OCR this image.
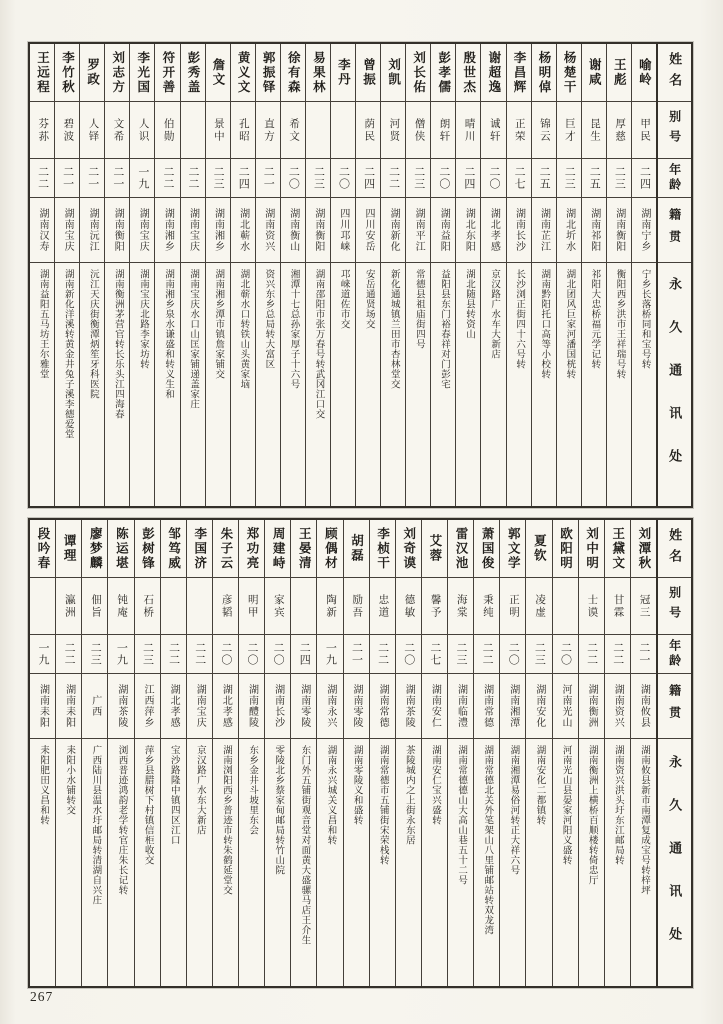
姓名
别号
年龄
籍贯
永久通讯处
喻岭
甲民
二四
湖南宁乡
宁乡长落桥同和宝号转
王彪
厚慈
二三
湖南衡阳
衡阳西乡洪市王祥瑞号转
谢咸
昆生
二五
湖南祁阳
祁阳大忠桥福元学记转
杨楚干
巨才
二三
湖北圻水
湖北团风巨家河潘国桄转
杨明倬
锦云
二五
湖南芷江
湖南黔阳托口高等小校转
李昌辉
正荣
二七
湖南长沙
长沙浏正街四十六号转
谢超逸
诚轩
二〇
湖北孝感
京汉路广水车大新店
殷世杰
晴川
二四
湖北东阳
湖北随县转资山
彭孝儒
朗轩
二〇
湖南益阳
益阳县东门裕春祥对门彭宅
刘长佑
僧侠
二三
湖南平江
常德县祖庙街四号
刘凯
河贤
二二
湖南新化
新化通城镇兰田市杏林堂交
曾振
荫民
二四
四川安岳
安岳通贤场交
李丹
二〇
四川邛崃
邛崃道佐市交
易果林
二三
湖南衡阳
湖南邵阳市张万春号转武冈江口交
徐有森
希文
二〇
湖南衡山
湘潭十七总孙家厚子十六号
郭振铎
直方
二一
湖南资兴
资兴东乡总局转大富区
黄义文
孔昭
二四
湖北蕲水
湖北蕲水口转铁山头黄家垴
詹文
景中
二三
湖南湘乡
湖南湘乡潭市镇詹家铺交
彭秀盖
二二
湖南宝庆
湖南宝庆水口山匡家铺递盖家庄
符开善
伯勋
二二
湖南湘乡
湖南湘乡泉水谦盛和转义生和
李光国
人识
一九
湖南宝庆
湖南宝庆北路李家坊转
刘志方
文希
二一
湖南衡阳
湖南衡洲茅营官转长乐头江四海春
罗政
人铎
二一
湖南沅江
沅江天庆街衡潭炳笙牙科医院
李竹秋
碧波
二一
湖南宝庆
湖南新化洋溪转黄金井兔子溪李德爱堂
王远程
芬荪
二二
湖南汉寿
湖南益阳五马坊王尔雅堂
姓名
别号
年龄
籍贯
永久通讯处
刘潭秋
冠三
二一
湖南攸县
湖南攸县新市南潭复成宝号转梓坪
王黛文
甘霖
二二
湖南资兴
湖南资兴洪头圩东江邮局转
刘中明
士谟
二二
湖南衡洲
湖南衡洲上横桥百顺楼转倚忠厅
欧阳明
二〇
河南光山
河南光山县晏家河阳义盛转
夏钦
凌虚
二三
湖南安化
湖南安化二都镇转
郭文学
正明
二〇
湖南湘潭
湖南湘潭易俗河转正大祥六号
萧国俊
秉纯
二二
湖南常德
湖南常德北关外笔架山八里铺邮站转双龙湾
雷汉池
海棠
二三
湖南临澧
湖南常德德山大高山巷五十二号
艾蓉
馨予
二七
湖南安仁
湖南安仁宝兴盛转
刘奇谟
德敏
二〇
湖南茶陵
茶陵城内之上街永东居
李桢干
忠道
二二
湖南常德
湖南常德市五铺街宋荣栈转
胡磊
励吾
二一
湖南零陵
湖南零陵义和盛转
顾偶材
陶新
一九
湖南永兴
湖南永兴城关义昌和转
王晏清
二四
湖南零陵
东门外五铺街观音堂对面黄大盛骡马店王介生
周建峙
家宾
二〇
湖南长沙
零陵北乡蔡家甸邮局转竹山院
郑功亮
明甲
二〇
湖南醴陵
东乡金井斗坡里东会
朱子云
彦韬
二〇
湖北孝感
湖南浏阳西乡普迹市转朱鹤延堂交
李国济
二二
湖南宝庆
京汉路广水东大新店
邹笃威
二二
湖北孝感
宝沙路隆中镇四区江口
彭树锋
石桥
二三
江西萍乡
萍乡县腊树下村镇信柜收交
陈运堪
钝庵
一九
湖南茶陵
浏西普迹鸿韵老学转官庄朱长记转
廖梦麟
佃旨
二三
广西
广西陆川县温水圩邮局转清湖自兴庄
谭理
瀛洲
二二
湖南耒阳
耒阳小水铺转交
段吟春
一九
湖南耒阳
耒阳肥田义昌和转
267
